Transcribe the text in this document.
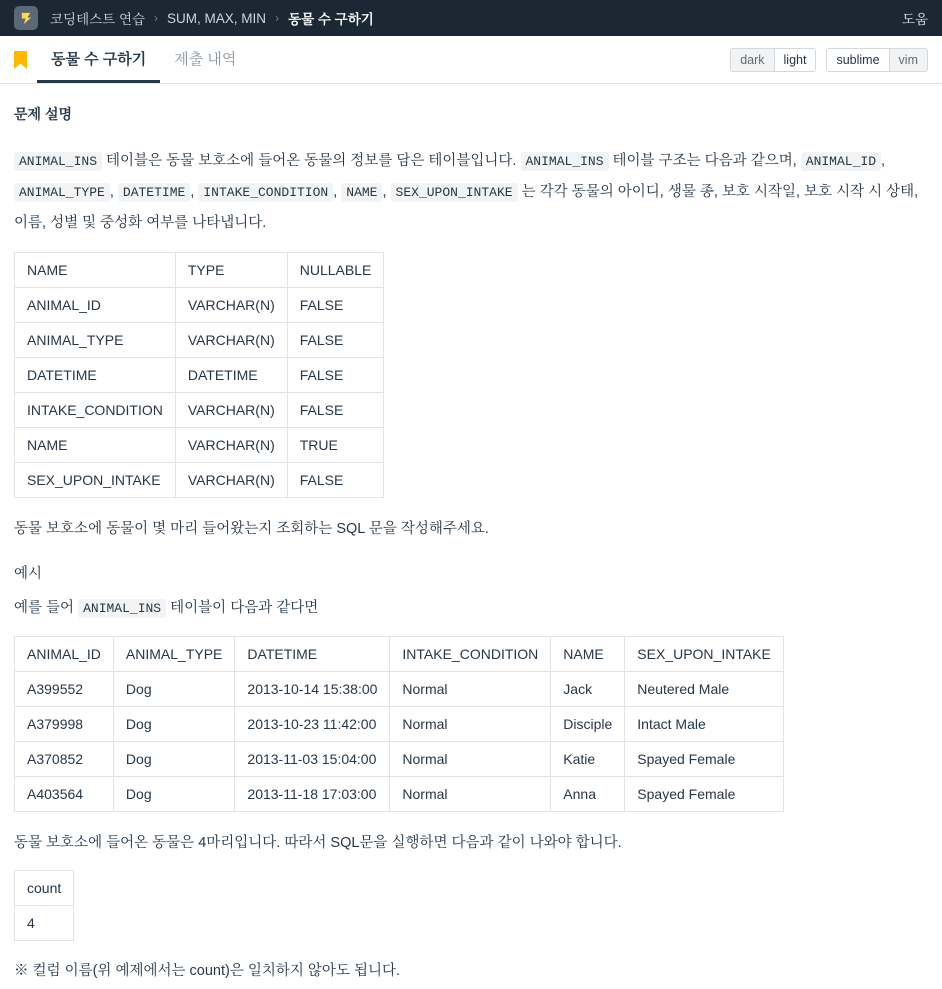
코딩테스트 연습 › SUM, MAX, MIN › 동물 수 구하기	도움
동물 수 구하기 제출 내역	dark	light	sublime	vim
문제 설명

ANIMAL_INS 테이블은 동물 보호소에 들어온 동물의 정보를 담은 테이블입니다. ANIMAL_INS 테이블 구조는 다음과 같으며, ANIMAL_ID , ANIMAL_TYPE , DATETIME , INTAKE_CONDITION , NAME , SEX_UPON_INTAKE 는 각각 동물의 아이디, 생물 종, 보호 시작일, 보호 시작 시 상태, 이름, 성별 및 중성화 여부를 나타냅니다.

NAME	TYPE	NULLABLE
ANIMAL_ID	VARCHAR(N)	FALSE
ANIMAL_TYPE	VARCHAR(N)	FALSE
DATETIME	DATETIME	FALSE
INTAKE_CONDITION	VARCHAR(N)	FALSE
NAME	VARCHAR(N)	TRUE
SEX_UPON_INTAKE	VARCHAR(N)	FALSE

동물 보호소에 동물이 몇 마리 들어왔는지 조회하는 SQL 문을 작성해주세요.

예시

예를 들어 ANIMAL_INS 테이블이 다음과 같다면

ANIMAL_ID	ANIMAL_TYPE	DATETIME	INTAKE_CONDITION	NAME	SEX_UPON_INTAKE
A399552	Dog	2013-10-14 15:38:00	Normal	Jack	Neutered Male
A379998	Dog	2013-10-23 11:42:00	Normal	Disciple	Intact Male
A370852	Dog	2013-11-03 15:04:00	Normal	Katie	Spayed Female
A403564	Dog	2013-11-18 17:03:00	Normal	Anna	Spayed Female

동물 보호소에 들어온 동물은 4마리입니다. 따라서 SQL문을 실행하면 다음과 같이 나와야 합니다.

count
4

※ 컬럼 이름(위 예제에서는 count)은 일치하지 않아도 됩니다.
